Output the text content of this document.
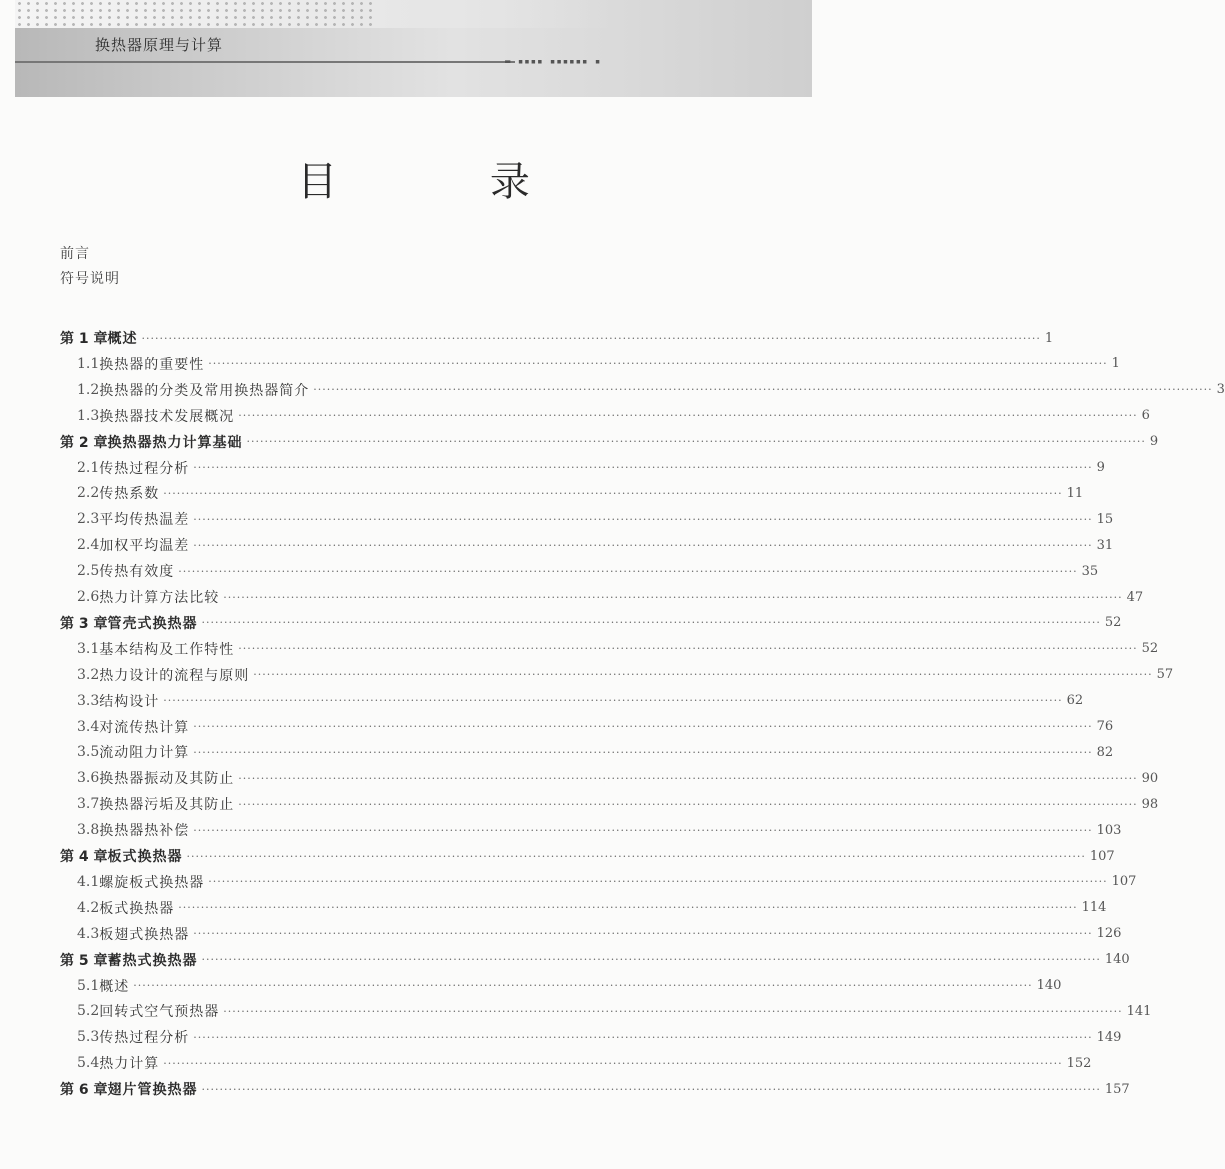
换热器原理与计算
▬ ▪▪▪▪ ▪▪▪▪▪▪ ▪
目 录
前言
符号说明
第 1 章 概述 ········································································································································································································ 1
1.1 换热器的重要性 ········································································································································································································ 1
1.2 换热器的分类及常用换热器简介 ········································································································································································································ 3
1.3 换热器技术发展概况 ········································································································································································································ 6
第 2 章 换热器热力计算基础 ········································································································································································································ 9
2.1 传热过程分析 ········································································································································································································ 9
2.2 传热系数 ········································································································································································································ 11
2.3 平均传热温差 ········································································································································································································ 15
2.4 加权平均温差 ········································································································································································································ 31
2.5 传热有效度 ········································································································································································································ 35
2.6 热力计算方法比较 ········································································································································································································ 47
第 3 章 管壳式换热器 ········································································································································································································ 52
3.1 基本结构及工作特性 ········································································································································································································ 52
3.2 热力设计的流程与原则 ········································································································································································································ 57
3.3 结构设计 ········································································································································································································ 62
3.4 对流传热计算 ········································································································································································································ 76
3.5 流动阻力计算 ········································································································································································································ 82
3.6 换热器振动及其防止 ········································································································································································································ 90
3.7 换热器污垢及其防止 ········································································································································································································ 98
3.8 换热器热补偿 ········································································································································································································ 103
第 4 章 板式换热器 ········································································································································································································ 107
4.1 螺旋板式换热器 ········································································································································································································ 107
4.2 板式换热器 ········································································································································································································ 114
4.3 板翅式换热器 ········································································································································································································ 126
第 5 章 蓄热式换热器 ········································································································································································································ 140
5.1 概述 ········································································································································································································ 140
5.2 回转式空气预热器 ········································································································································································································ 141
5.3 传热过程分析 ········································································································································································································ 149
5.4 热力计算 ········································································································································································································ 152
第 6 章 翅片管换热器 ········································································································································································································ 157
